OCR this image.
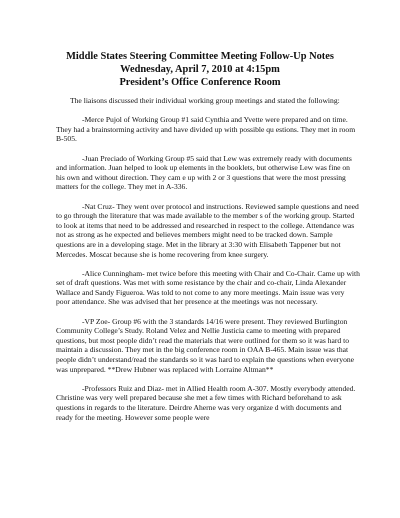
Middle States Steering Committee Meeting Follow-Up Notes
Wednesday, April 7, 2010 at 4:15pm
President’s Office Conference Room
The liaisons discussed their individual working group meetings and stated the following:

-Merce Pujol of Working Group #1 said Cynthia and Yvette were prepared and on time. They had a brainstorming activity and have divided up with possible qu estions. They met in room B-505.

-Juan Preciado of Working Group #5 said that Lew was extremely ready with documents and information. Juan helped to look up elements in the booklets, but otherwise Lew was fine on his own and without direction. They cam e up with 2 or 3 questions that were the most pressing matters for the college. They met in A-336.

-Nat Cruz- They went over protocol and instructions. Reviewed sample questions and need to go through the literature that was made available to the member s of the working group. Started to look at items that need to be addressed and researched in respect to the college. Attendance was not as strong as he expected and believes members might need to be tracked down. Sample questions are in a developing stage. Met in the library at 3:30 with Elisabeth Tappener but not Mercedes. Moscat because she is home recovering from knee surgery.

-Alice Cunningham- met twice before this meeting with Chair and Co-Chair. Came up with set of draft questions. Was met with some resistance by the chair and co-chair, Linda Alexander Wallace and Sandy Figueroa. Was told to not come to any more meetings. Main issue was very poor attendance. She was advised that her presence at the meetings was not necessary.

-VP Zoe- Group #6 with the 3 standards 14/16 were present. They reviewed Burlington Community College’s Study. Roland Velez and Nellie Justicia came to meeting with prepared questions, but most people didn’t read the materials that were outlined for them so it was hard to maintain a discussion. They met in the big conference room in OAA B-465. Main issue was that people didn’t understand/read the standards so it was hard to explain the questions when everyone was unprepared. **Drew Hubner was replaced with Lorraine Altman**

-Professors Ruiz and Diaz- met in Allied Health room A-307. Mostly everybody attended. Christine was very well prepared because she met a few times with Richard beforehand to ask questions in regards to the literature. Deirdre Aherne was very organize d with documents and ready for the meeting. However some people were
